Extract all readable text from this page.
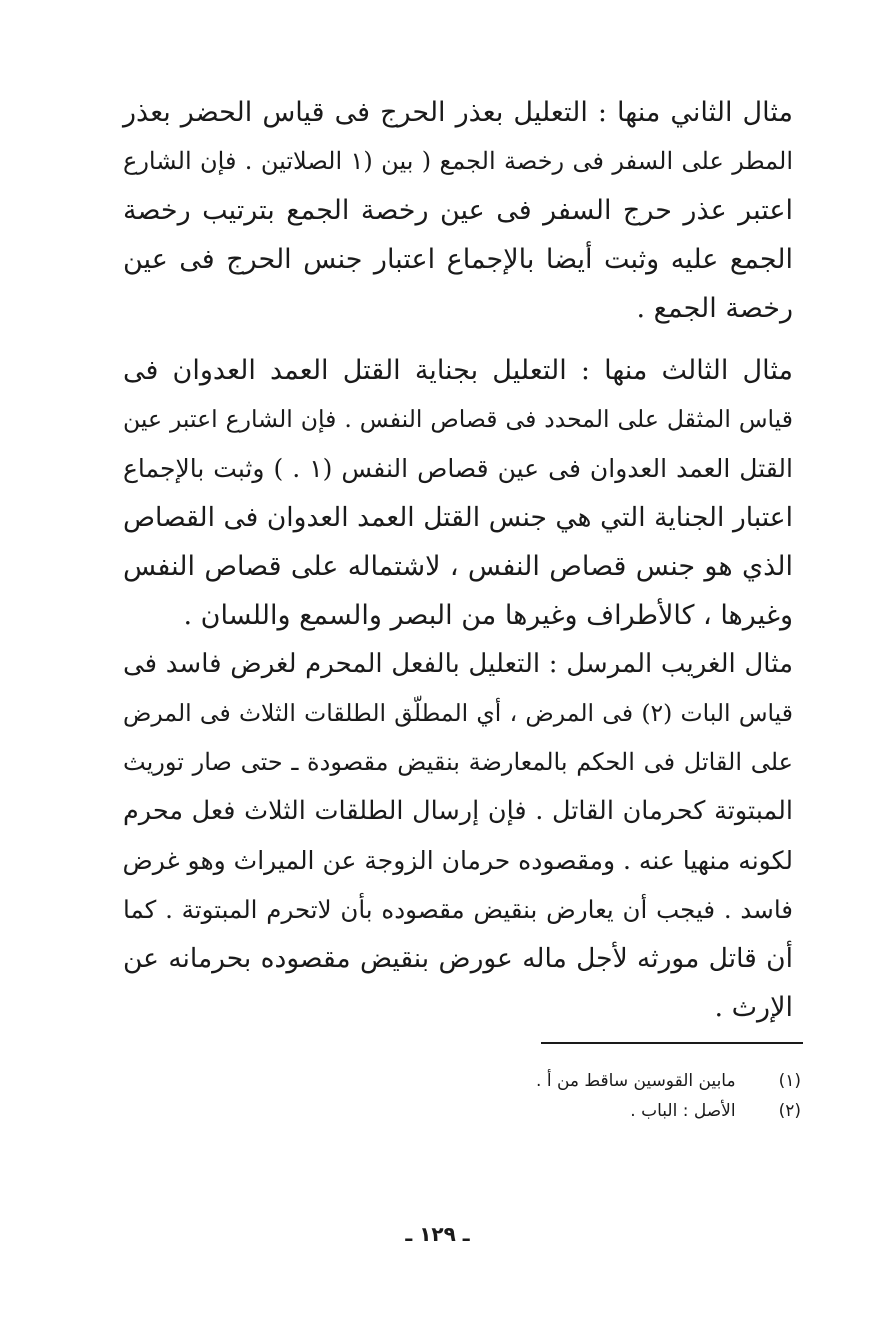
مثال الثاني منها : التعليل بعذر الحرج فى قياس الحضر بعذر
المطر على السفر فى رخصة الجمع ( بين (١ الصلاتين . فإن الشارع
اعتبر عذر حرج السفر فى عين رخصة الجمع بترتيب رخصة
الجمع عليه وثبت أيضا بالإجماع اعتبار جنس الحرج فى عين
رخصة الجمع .
مثال الثالث منها : التعليل بجناية القتل العمد العدوان فى
قياس المثقل على المحدد فى قصاص النفس . فإن الشارع اعتبر عين
القتل العمد العدوان فى عين قصاص النفس (١ . ) وثبت بالإجماع
اعتبار الجناية التي هي جنس القتل العمد العدوان فى القصاص
الذي هو جنس قصاص النفس ، لاشتماله على قصاص النفس
وغيرها ، كالأطراف وغيرها من البصر والسمع واللسان .
مثال الغريب المرسل : التعليل بالفعل المحرم لغرض فاسد فى
قياس البات (٢) فى المرض ، أي المطلّق الطلقات الثلاث فى المرض
على القاتل فى الحكم بالمعارضة بنقيض مقصودة ـ حتى صار توريث
المبتوتة كحرمان القاتل . فإن إرسال الطلقات الثلاث فعل محرم
لكونه منهيا عنه . ومقصوده حرمان الزوجة عن الميراث وهو غرض
فاسد . فيجب أن يعارض بنقيض مقصوده بأن لاتحرم المبتوتة . كما
أن قاتل مورثه لأجل ماله عورض بنقيض مقصوده بحرمانه عن
الإرث .
(١) مابين القوسين ساقط من أ .
(٢) الأصل : الباب .
ـ ١٢٩ ـ
